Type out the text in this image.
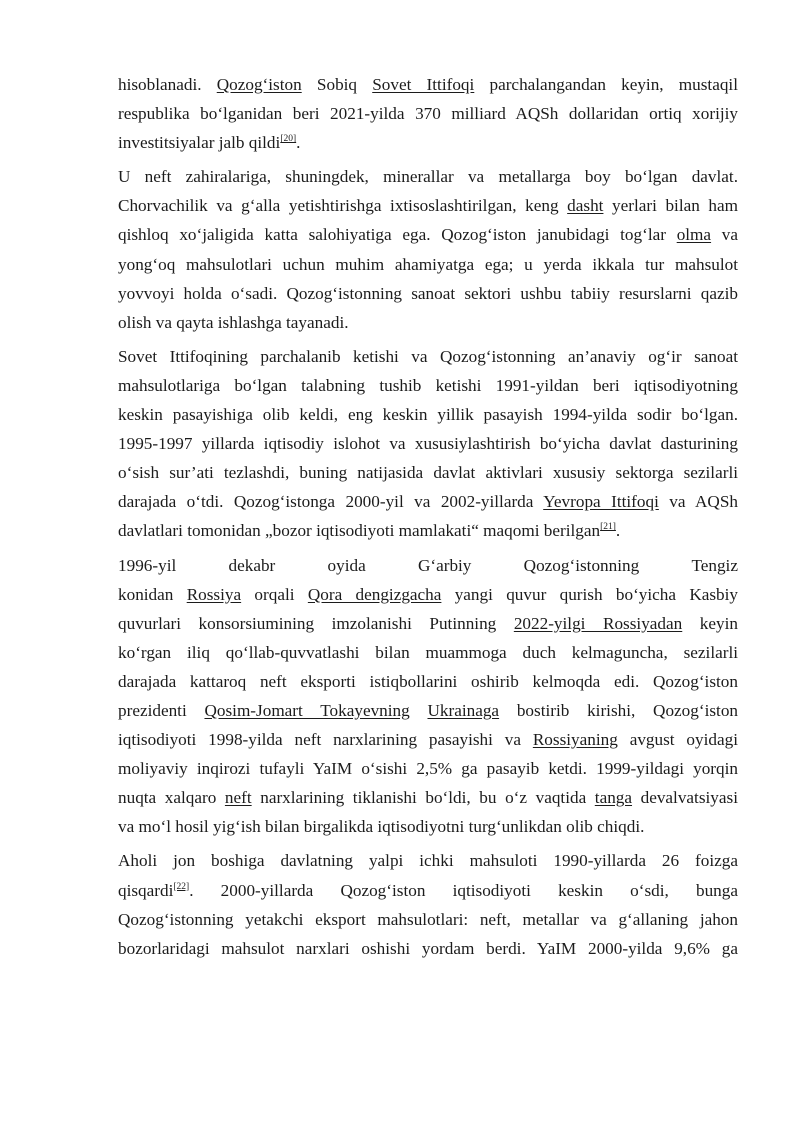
hisoblanadi. Qozog‘iston Sobiq Sovet Ittifoqi parchalangandan keyin, mustaqil
respublika bo‘lganidan beri 2021-yilda 370 milliard AQSh dollaridan ortiq xorijiy
investitsiyalar jalb qildi[20].
U neft zahiralariga, shuningdek, minerallar va metallarga boy bo‘lgan davlat.
Chorvachilik va g‘alla yetishtirishga ixtisoslashtirilgan, keng dasht yerlari bilan ham
qishloq xo‘jaligida katta salohiyatiga ega. Qozog‘iston janubidagi tog‘lar olma va
yong‘oq mahsulotlari uchun muhim ahamiyatga ega; u yerda ikkala tur mahsulot
yovvoyi holda o‘sadi. Qozog‘istonning sanoat sektori ushbu tabiiy resurslarni qazib
olish va qayta ishlashga tayanadi.
Sovet Ittifoqining parchalanib ketishi va Qozog‘istonning an’anaviy og‘ir sanoat
mahsulotlariga bo‘lgan talabning tushib ketishi 1991-yildan beri iqtisodiyotning
keskin pasayishiga olib keldi, eng keskin yillik pasayish 1994-yilda sodir bo‘lgan.
1995-1997 yillarda iqtisodiy islohot va xususiylashtirish bo‘yicha davlat dasturining
o‘sish sur’ati tezlashdi, buning natijasida davlat aktivlari xususiy sektorga sezilarli
darajada o‘tdi. Qozog‘istonga 2000-yil va 2002-yillarda Yevropa Ittifoqi va AQSh
davlatlari tomonidan „bozor iqtisodiyoti mamlakati“ maqomi berilgan[21].
1996-yil	dekabr	oyida	G‘arbiy	Qozog‘istonning	Tengiz
konidan Rossiya orqali Qora dengizgacha yangi quvur qurish bo‘yicha Kasbiy
quvurlari konsorsiumining imzolanishi Putinning 2022-yilgi Rossiyadan keyin
ko‘rgan iliq qo‘llab-quvvatlashi bilan muammoga duch kelmaguncha, sezilarli
darajada kattaroq neft eksporti istiqbollarini oshirib kelmoqda edi. Qozog‘iston
prezidenti Qosim-Jomart Tokayevning Ukrainaga bostirib kirishi, Qozog‘iston
iqtisodiyoti 1998-yilda neft narxlarining pasayishi va Rossiyaning avgust oyidagi
moliyaviy inqirozi tufayli YaIM o‘sishi 2,5% ga pasayib ketdi. 1999-yildagi yorqin
nuqta xalqaro neft narxlarining tiklanishi bo‘ldi, bu o‘z vaqtida tanga devalvatsiyasi
va mo‘l hosil yig‘ish bilan birgalikda iqtisodiyotni turg‘unlikdan olib chiqdi.
Aholi jon boshiga davlatning yalpi ichki mahsuloti 1990-yillarda 26 foizga
qisqardi[22]. 2000-yillarda Qozog‘iston iqtisodiyoti keskin o‘sdi, bunga
Qozog‘istonning yetakchi eksport mahsulotlari: neft, metallar va g‘allaning jahon
bozorlaridagi mahsulot narxlari oshishi yordam berdi. YaIM 2000-yilda 9,6% ga
